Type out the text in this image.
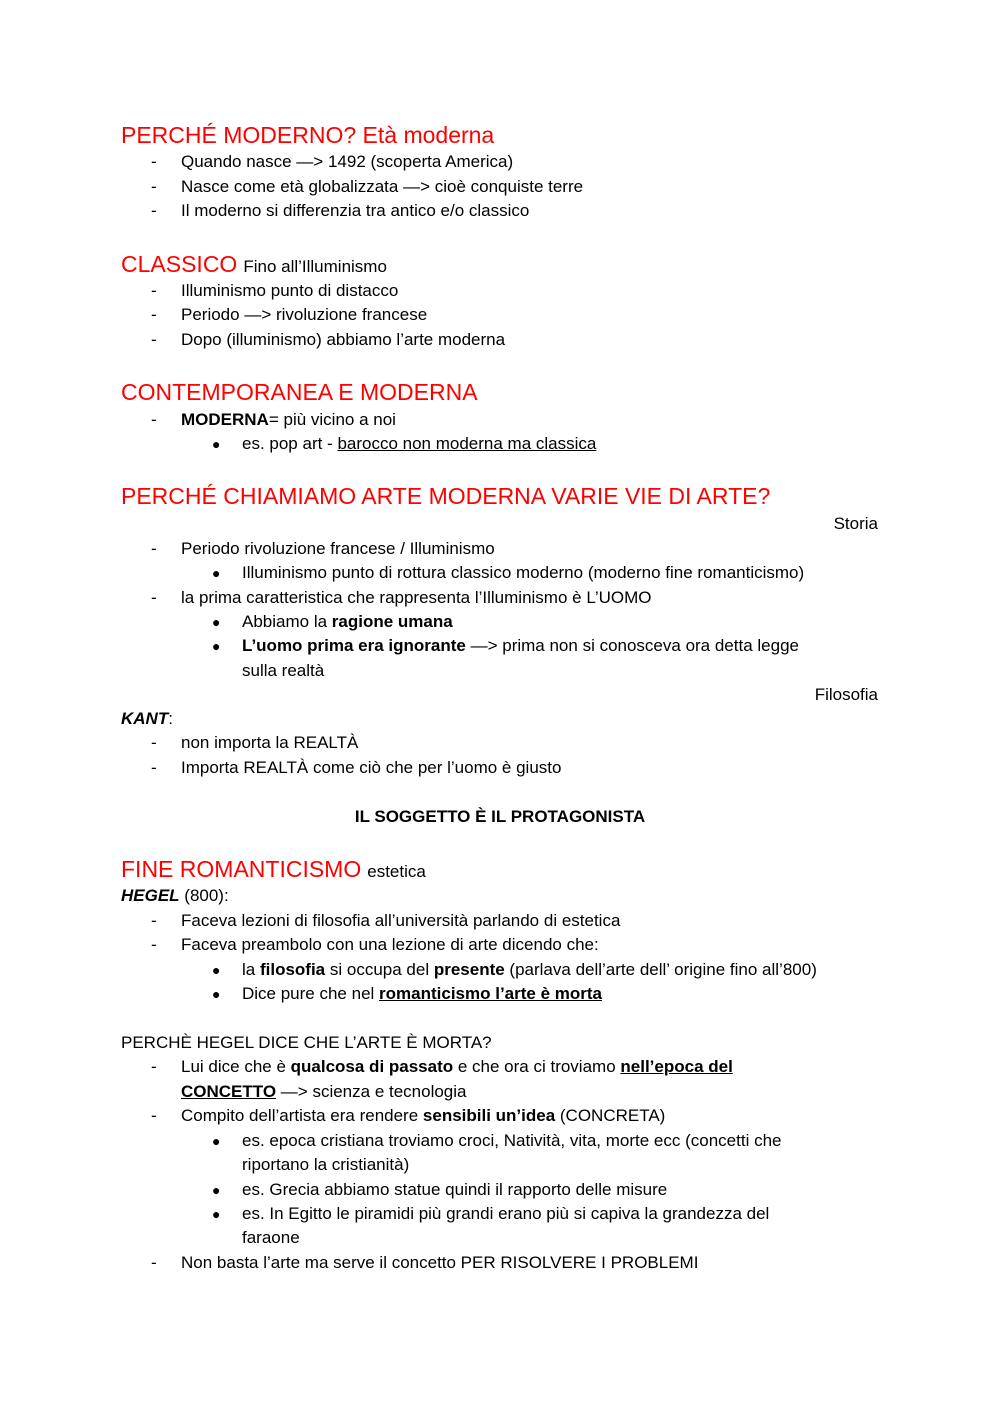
PERCHÉ MODERNO? Età moderna
- Quando nasce —> 1492 (scoperta America)
- Nasce come età globalizzata —> cioè conquiste terre
- Il moderno si differenzia tra antico e/o classico
CLASSICO Fino all’Illuminismo
- Illuminismo punto di distacco
- Periodo —> rivoluzione francese
- Dopo (illuminismo) abbiamo l’arte moderna
CONTEMPORANEA E MODERNA
- MODERNA= più vicino a noi
● es. pop art - barocco non moderna ma classica
PERCHÉ CHIAMIAMO ARTE MODERNA VARIE VIE DI ARTE?
Storia
- Periodo rivoluzione francese / Illuminismo
● Illuminismo punto di rottura classico moderno (moderno fine romanticismo)
- la prima caratteristica che rappresenta l’Illuminismo è L’UOMO
● Abbiamo la ragione umana
● L’uomo prima era ignorante —> prima non si conosceva ora detta legge
sulla realtà
Filosofia
KANT:
- non importa la REALTÀ
- Importa REALTÀ come ciò che per l’uomo è giusto
IL SOGGETTO È IL PROTAGONISTA
FINE ROMANTICISMO estetica
HEGEL (800):
- Faceva lezioni di filosofia all’università parlando di estetica
- Faceva preambolo con una lezione di arte dicendo che:
● la filosofia si occupa del presente (parlava dell’arte dell’ origine fino all’800)
● Dice pure che nel romanticismo l’arte è morta
PERCHÈ HEGEL DICE CHE L’ARTE È MORTA?
- Lui dice che è qualcosa di passato e che ora ci troviamo nell’epoca del
CONCETTO —> scienza e tecnologia
- Compito dell’artista era rendere sensibili un’idea (CONCRETA)
● es. epoca cristiana troviamo croci, Natività, vita, morte ecc (concetti che
riportano la cristianità)
● es. Grecia abbiamo statue quindi il rapporto delle misure
● es. In Egitto le piramidi più grandi erano più si capiva la grandezza del
faraone
- Non basta l’arte ma serve il concetto PER RISOLVERE I PROBLEMI
